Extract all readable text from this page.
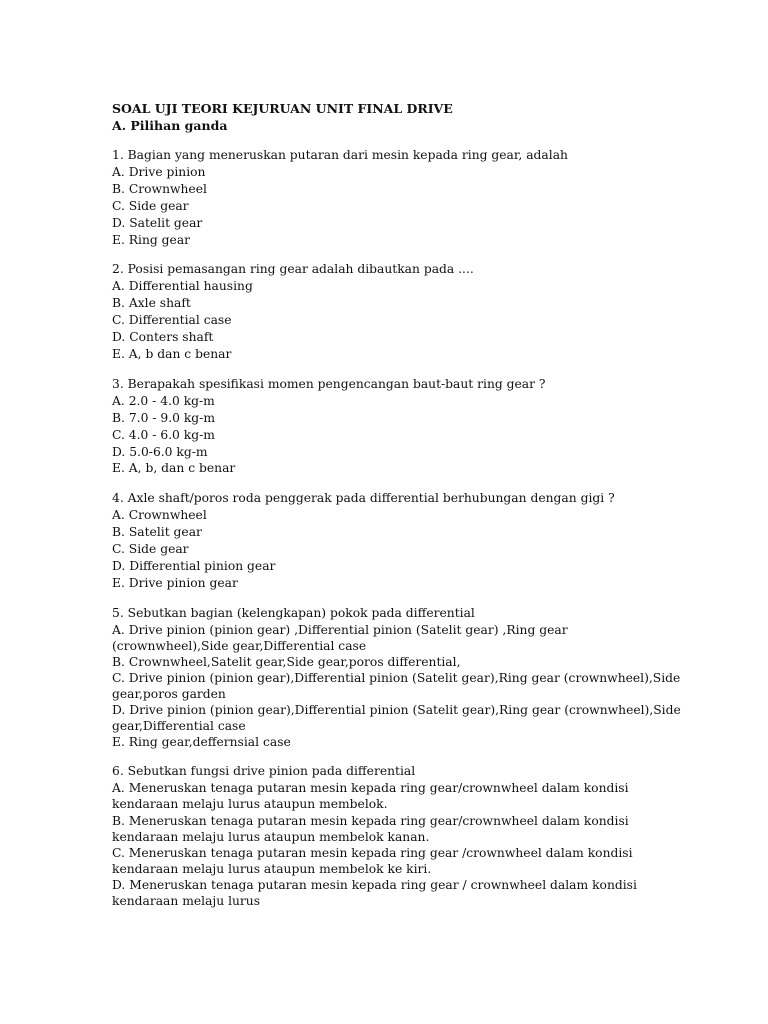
SOAL UJI TEORI KEJURUAN UNIT FINAL DRIVE

A. Pilihan ganda

1. Bagian yang meneruskan putaran dari mesin kepada ring gear, adalah

A. Drive pinion

B. Crownwheel

C. Side gear

D. Satelit gear

E. Ring gear

2. Posisi pemasangan ring gear adalah dibautkan pada ....

A. Differential hausing

B. Axle shaft

C. Differential case

D. Conters shaft

E. A, b dan c benar

3. Berapakah spesifikasi momen pengencangan baut-baut ring gear ?

A. 2.0 - 4.0 kg-m

B. 7.0 - 9.0 kg-m

C. 4.0 - 6.0 kg-m

D. 5.0-6.0 kg-m

E. A, b, dan c benar

4. Axle shaft/poros roda penggerak pada differential berhubungan dengan gigi ?

A. Crownwheel

B. Satelit gear

C. Side gear

D. Differential pinion gear

E. Drive pinion gear

5. Sebutkan bagian (kelengkapan) pokok pada differential

A. Drive pinion (pinion gear) ,Differential pinion (Satelit gear) ,Ring gear (crownwheel),Side gear,Differential case

B. Crownwheel,Satelit gear,Side gear,poros differential,

C. Drive pinion (pinion gear),Differential pinion (Satelit gear),Ring gear (crownwheel),Side gear,poros garden

D. Drive pinion (pinion gear),Differential pinion (Satelit gear),Ring gear (crownwheel),Side gear,Differential case

E. Ring gear,deffernsial case

6. Sebutkan fungsi drive pinion pada differential

A. Meneruskan tenaga putaran mesin kepada ring gear/crownwheel dalam kondisi kendaraan melaju lurus ataupun membelok.

B. Meneruskan tenaga putaran mesin kepada ring gear/crownwheel dalam kondisi kendaraan melaju lurus ataupun membelok kanan.

C. Meneruskan tenaga putaran mesin kepada ring gear /crownwheel dalam kondisi kendaraan melaju lurus ataupun membelok ke kiri.

D. Meneruskan tenaga putaran mesin kepada ring gear / crownwheel dalam kondisi kendaraan melaju lurus
